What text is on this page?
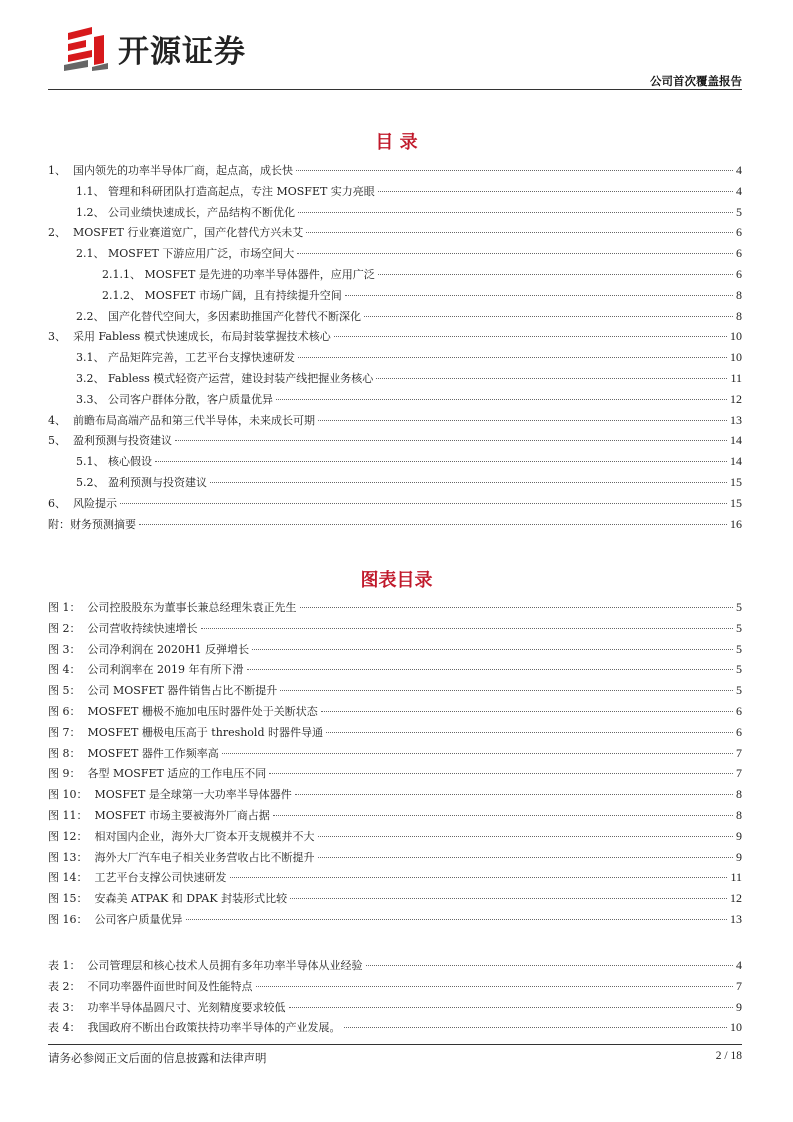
开源证券
公司首次覆盖报告
目 录
1、 国内领先的功率半导体厂商，起点高，成长快	4
1.1、 管理和科研团队打造高起点，专注 MOSFET 实力亮眼	4
1.2、 公司业绩快速成长，产品结构不断优化	5
2、 MOSFET 行业赛道宽广，国产化替代方兴未艾	6
2.1、 MOSFET 下游应用广泛，市场空间大	6
2.1.1、 MOSFET 是先进的功率半导体器件，应用广泛	6
2.1.2、 MOSFET 市场广阔，且有持续提升空间	8
2.2、 国产化替代空间大，多因素助推国产化替代不断深化	8
3、 采用 Fabless 模式快速成长，布局封装掌握技术核心	10
3.1、 产品矩阵完善，工艺平台支撑快速研发	10
3.2、 Fabless 模式轻资产运营，建设封装产线把握业务核心	11
3.3、 公司客户群体分散，客户质量优异	12
4、 前瞻布局高端产品和第三代半导体，未来成长可期	13
5、 盈利预测与投资建议	14
5.1、 核心假设	14
5.2、 盈利预测与投资建议	15
6、 风险提示	15
附： 财务预测摘要	16
图表目录
图 1： 公司控股股东为董事长兼总经理朱袁正先生	5
图 2： 公司营收持续快速增长	5
图 3： 公司净利润在 2020H1 反弹增长	5
图 4： 公司利润率在 2019 年有所下滑	5
图 5： 公司 MOSFET 器件销售占比不断提升	5
图 6： MOSFET 栅极不施加电压时器件处于关断状态	6
图 7： MOSFET 栅极电压高于 threshold 时器件导通	6
图 8： MOSFET 器件工作频率高	7
图 9： 各型 MOSFET 适应的工作电压不同	7
图 10： MOSFET 是全球第一大功率半导体器件	8
图 11： MOSFET 市场主要被海外厂商占据	8
图 12： 相对国内企业，海外大厂资本开支规模并不大	9
图 13： 海外大厂汽车电子相关业务营收占比不断提升	9
图 14： 工艺平台支撑公司快速研发	11
图 15： 安森美 ATPAK 和 DPAK 封装形式比较	12
图 16： 公司客户质量优异	13
表 1： 公司管理层和核心技术人员拥有多年功率半导体从业经验	4
表 2： 不同功率器件面世时间及性能特点	7
表 3： 功率半导体晶圆尺寸、光刻精度要求较低	9
表 4： 我国政府不断出台政策扶持功率半导体的产业发展。	10
请务必参阅正文后面的信息披露和法律声明	2 / 18
